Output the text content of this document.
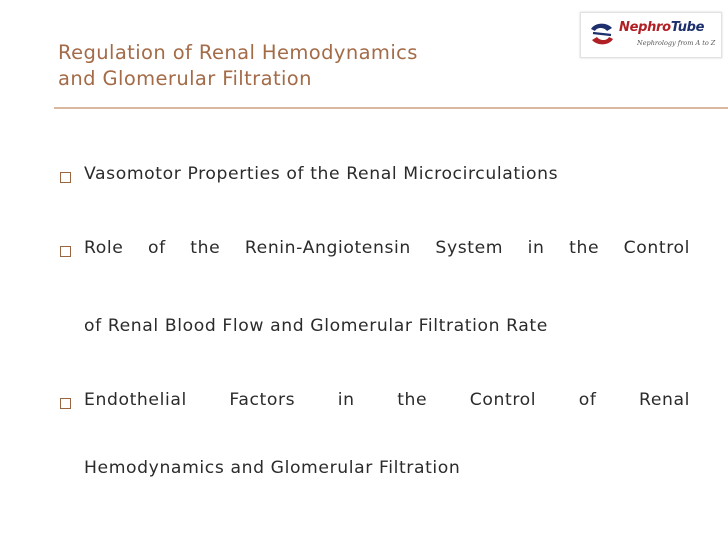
Regulation of Renal Hemodynamics
and Glomerular Filtration
NephroTube
Nephrology from A to Z
Vasomotor Properties of the Renal Microcirculations
Role of the Renin-Angiotensin System in the Control
of Renal Blood Flow and Glomerular Filtration Rate
Endothelial Factors in the Control of Renal
Hemodynamics and Glomerular Filtration
